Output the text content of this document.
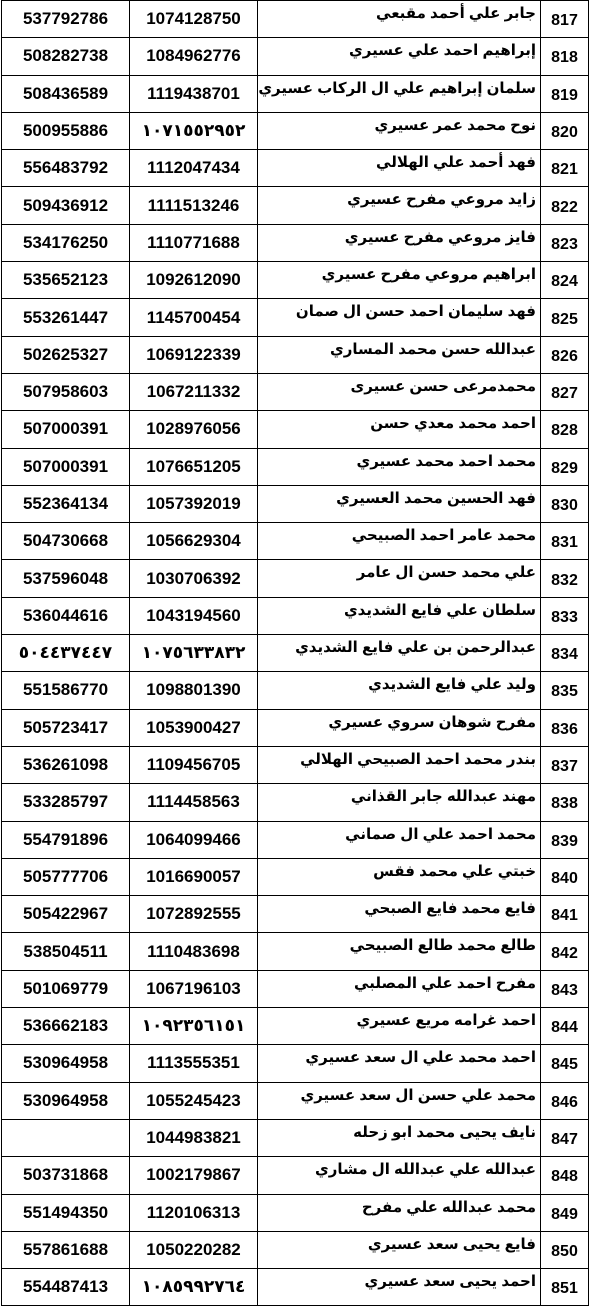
537792786	1074128750	جابر علي أحمد مقبعي	817
508282738	1084962776	إبراهيم احمد علي عسيري	818
508436589	1119438701	سلمان إبراهيم علي ال الركاب عسيري	819
500955886	١٠٧١٥٥٢٩٥٢	نوح محمد عمر عسيري	820
556483792	1112047434	فهد أحمد علي الهلالي	821
509436912	1111513246	زايد مروعي مفرح عسيري	822
534176250	1110771688	فايز مروعي مفرح عسيري	823
535652123	1092612090	ابراهيم مروعي مفرح عسيري	824
553261447	1145700454	فهد سليمان احمد حسن ال صمان	825
502625327	1069122339	عبدالله حسن محمد المساري	826
507958603	1067211332	محمدمرعى حسن عسيرى	827
507000391	1028976056	احمد محمد معدي حسن	828
507000391	1076651205	محمد احمد محمد عسيري	829
552364134	1057392019	فهد الحسين محمد العسيري	830
504730668	1056629304	محمد عامر احمد الصبيحي	831
537596048	1030706392	علي محمد حسن ال عامر	832
536044616	1043194560	سلطان علي فايع الشديدي	833
٥٠٤٤٣٧٤٤٧	١٠٧٥٦٣٣٨٣٢	عبدالرحمن بن علي فايع الشديدي	834
551586770	1098801390	وليد علي فايع الشديدي	835
505723417	1053900427	مفرح شوهان سروي عسيري	836
536261098	1109456705	بندر محمد احمد الصبيحي الهلالي	837
533285797	1114458563	مهند عبدالله جابر القذاني	838
554791896	1064099466	محمد احمد علي ال صماني	839
505777706	1016690057	خبتي علي محمد فقس	840
505422967	1072892555	فايع محمد فايع الصبحي	841
538504511	1110483698	طالع محمد طالع الصبيحي	842
501069779	1067196103	مفرح احمد علي المصلبي	843
536662183	١٠٩٢٣٥٦١٥١	احمد غرامه مريع عسيري	844
530964958	1113555351	احمد محمد علي ال سعد عسيري	845
530964958	1055245423	محمد علي حسن ال سعد عسيري	846
	1044983821	نايف يحيى محمد ابو زحله	847
503731868	1002179867	عبدالله علي عبدالله ال مشاري	848
551494350	1120106313	محمد عبدالله علي مفرح	849
557861688	1050220282	فايع يحيى سعد عسيري	850
554487413	١٠٨٥٩٩٢٧٦٤	احمد يحيى سعد عسيري	851
